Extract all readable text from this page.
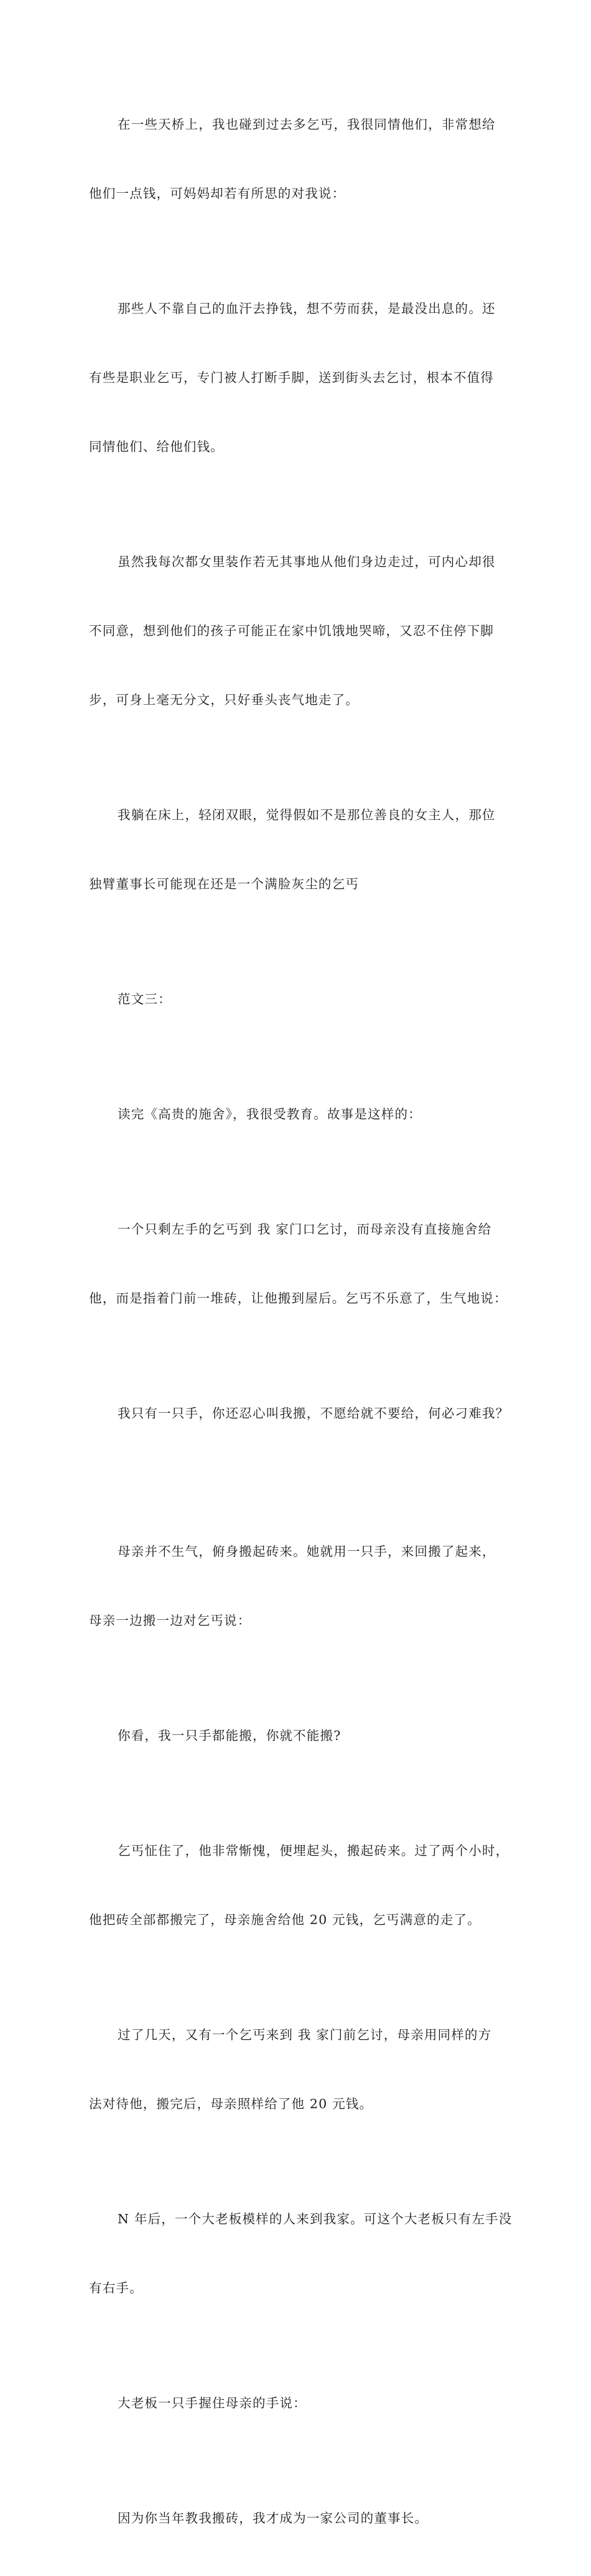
在一些天桥上，我也碰到过去多乞丐，我很同情他们，非常想给

他们一点钱，可妈妈却若有所思的对我说：

那些人不靠自己的血汗去挣钱，想不劳而获，是最没出息的。还

有些是职业乞丐，专门被人打断手脚，送到街头去乞讨，根本不值得

同情他们、给他们钱。

虽然我每次都女里装作若无其事地从他们身边走过，可内心却很

不同意，想到他们的孩子可能正在家中饥饿地哭啼，又忍不住停下脚

步，可身上毫无分文，只好垂头丧气地走了。

我躺在床上，轻闭双眼，觉得假如不是那位善良的女主人，那位

独臂董事长可能现在还是一个满脸灰尘的乞丐

范文三：

读完《高贵的施舍》，我很受教育。故事是这样的：

一个只剩左手的乞丐到 我 家门口乞讨，而母亲没有直接施舍给

他，而是指着门前一堆砖，让他搬到屋后。乞丐不乐意了，生气地说：

我只有一只手，你还忍心叫我搬，不愿给就不要给，何必刁难我？

母亲并不生气，俯身搬起砖来。她就用一只手，来回搬了起来，

母亲一边搬一边对乞丐说：

你看，我一只手都能搬，你就不能搬?

乞丐怔住了，他非常惭愧，便埋起头，搬起砖来。过了两个小时，

他把砖全部都搬完了，母亲施舍给他 20 元钱，乞丐满意的走了。

过了几天，又有一个乞丐来到 我 家门前乞讨，母亲用同样的方

法对待他，搬完后，母亲照样给了他 20 元钱。

N 年后，一个大老板模样的人来到我家。可这个大老板只有左手没

有右手。

大老板一只手握住母亲的手说：

因为你当年教我搬砖，我才成为一家公司的董事长。
